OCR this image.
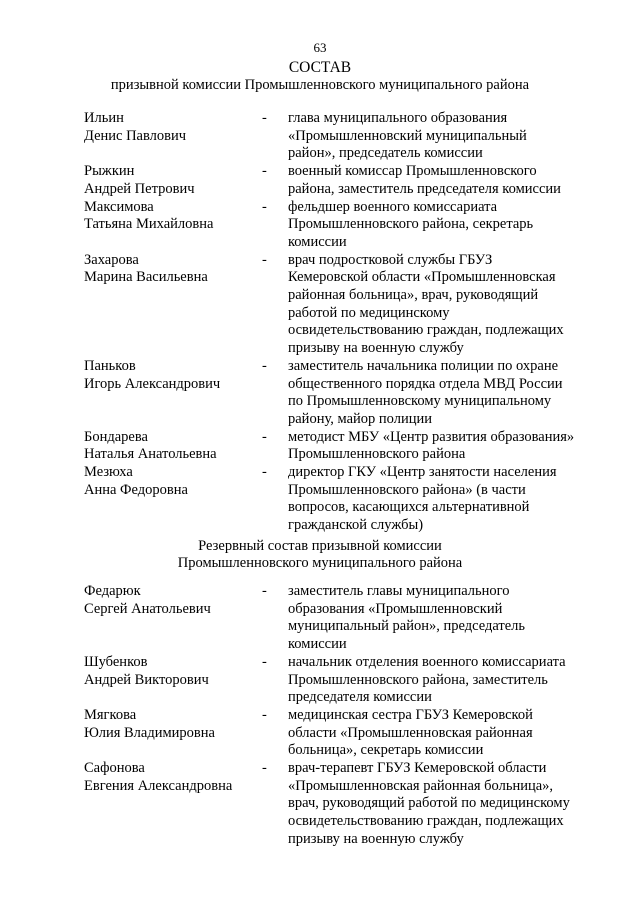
63
СОСТАВ
призывной комиссии Промышленновского муниципального района
Ильин
Денис Павлович
-	глава муниципального образования
«Промышленновский муниципальный
район», председатель комиссии
Рыжкин
Андрей Петрович
-	военный комиссар Промышленновского
района, заместитель председателя комиссии
Максимова
Татьяна Михайловна
-	фельдшер военного комиссариата
Промышленновского района, секретарь
комиссии
Захарова
Марина Васильевна
-	врач подростковой службы ГБУЗ
Кемеровской области «Промышленновская
районная больница», врач, руководящий
работой по медицинскому
освидетельствованию граждан, подлежащих
призыву на военную службу
Паньков
Игорь Александрович
-	заместитель начальника полиции по охране
общественного порядка отдела МВД России
по Промышленновскому муниципальному
району, майор полиции
Бондарева
Наталья Анатольевна
-	методист МБУ «Центр развития образования»
Промышленновского района
Мезюха
Анна Федоровна
-	директор ГКУ «Центр занятости населения
Промышленновского района» (в части
вопросов, касающихся альтернативной
гражданской службы)
Резервный состав призывной комиссии
Промышленновского муниципального района
Федарюк
Сергей Анатольевич
-	заместитель главы муниципального
образования «Промышленновский
муниципальный район», председатель
комиссии
Шубенков
Андрей Викторович
-	начальник отделения военного комиссариата
Промышленновского района, заместитель
председателя комиссии
Мягкова
Юлия Владимировна
-	медицинская сестра ГБУЗ Кемеровской
области «Промышленновская районная
больница», секретарь комиссии
Сафонова
Евгения Александровна
-	врач-терапевт ГБУЗ Кемеровской области
«Промышленновская районная больница»,
врач, руководящий работой по медицинскому
освидетельствованию граждан, подлежащих
призыву на военную службу
